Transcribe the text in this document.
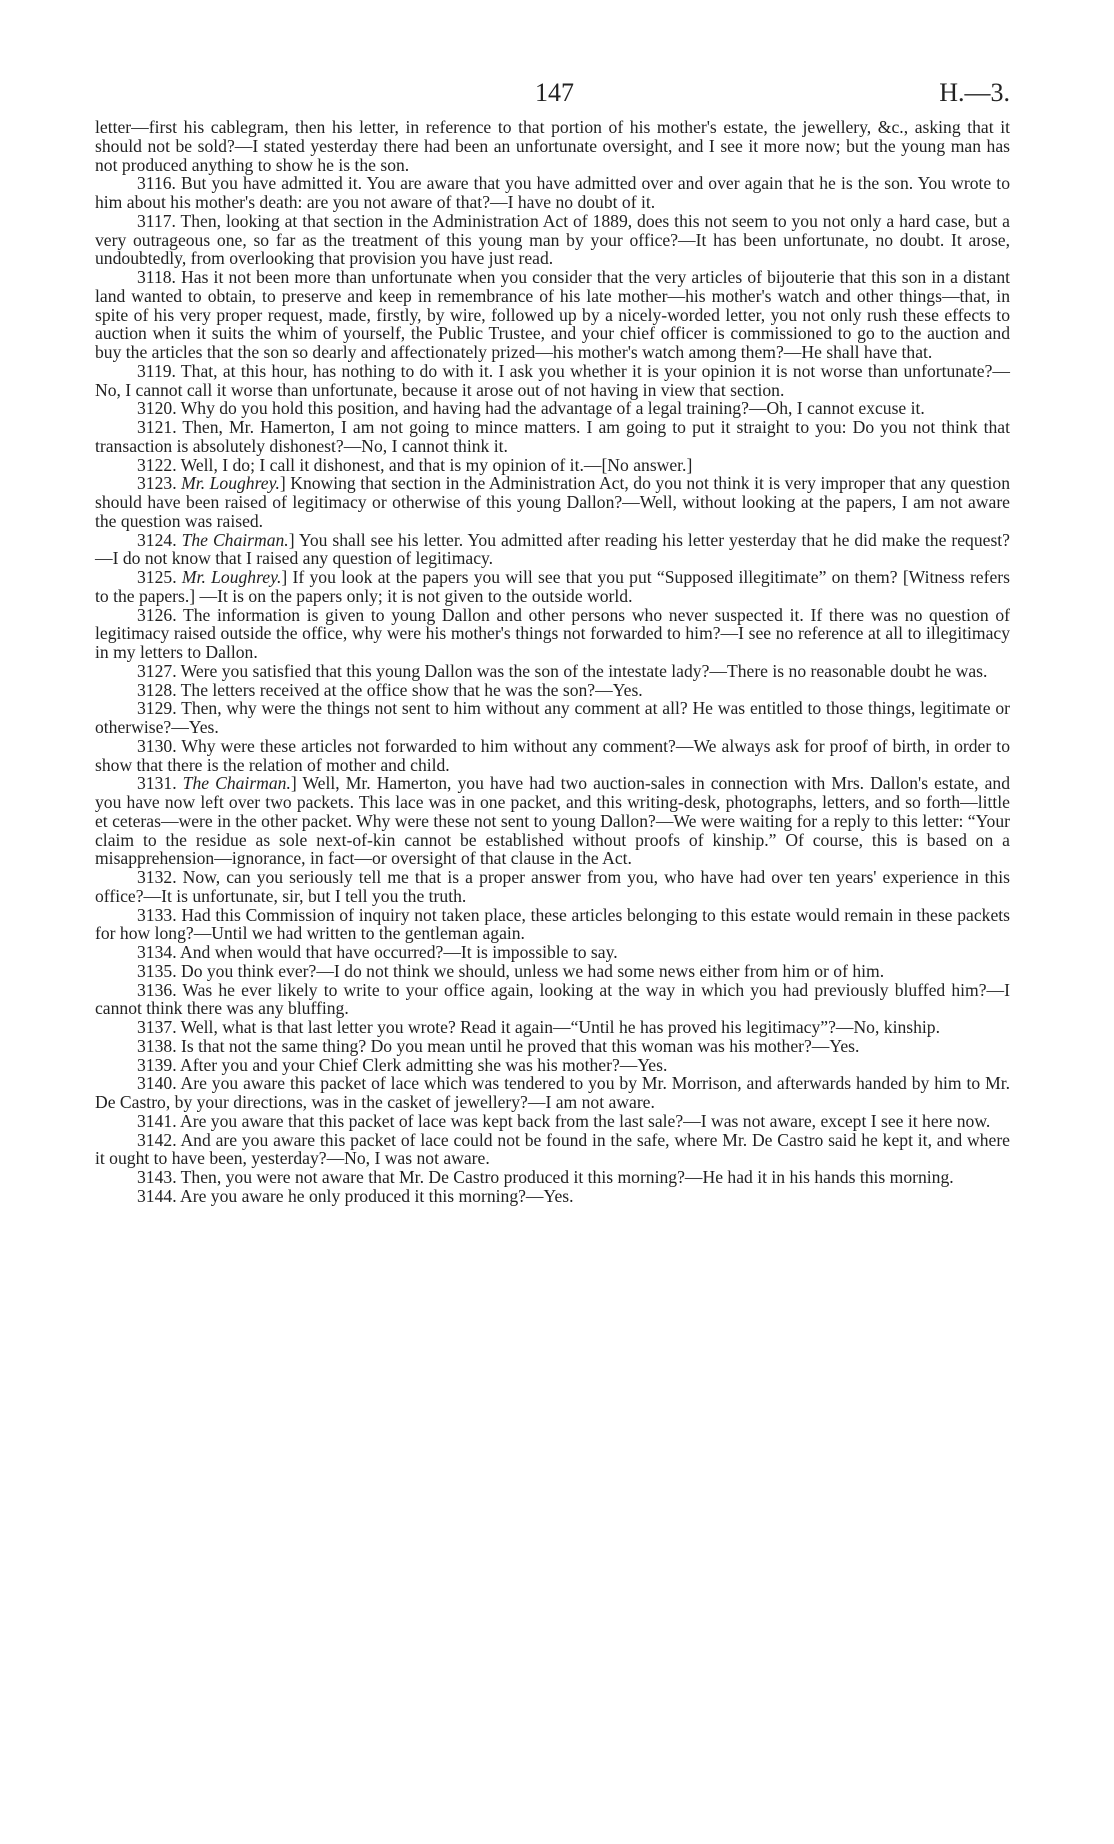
147	H.—3.

letter—first his cablegram, then his letter, in reference to that portion of his mother's estate, the jewellery, &c., asking that it should not be sold?—I stated yesterday there had been an unfortunate oversight, and I see it more now; but the young man has not produced anything to show he is the son.

3116. But you have admitted it. You are aware that you have admitted over and over again that he is the son. You wrote to him about his mother's death: are you not aware of that?—I have no doubt of it.

3117. Then, looking at that section in the Administration Act of 1889, does this not seem to you not only a hard case, but a very outrageous one, so far as the treatment of this young man by your office?—It has been unfortunate, no doubt. It arose, undoubtedly, from overlooking that provision you have just read.

3118. Has it not been more than unfortunate when you consider that the very articles of bijouterie that this son in a distant land wanted to obtain, to preserve and keep in remembrance of his late mother—his mother's watch and other things—that, in spite of his very proper request, made, firstly, by wire, followed up by a nicely-worded letter, you not only rush these effects to auction when it suits the whim of yourself, the Public Trustee, and your chief officer is commissioned to go to the auction and buy the articles that the son so dearly and affectionately prized—his mother's watch among them?—He shall have that.

3119. That, at this hour, has nothing to do with it. I ask you whether it is your opinion it is not worse than unfortunate?—No, I cannot call it worse than unfortunate, because it arose out of not having in view that section.

3120. Why do you hold this position, and having had the advantage of a legal training?—Oh, I cannot excuse it.

3121. Then, Mr. Hamerton, I am not going to mince matters. I am going to put it straight to you: Do you not think that transaction is absolutely dishonest?—No, I cannot think it.

3122. Well, I do; I call it dishonest, and that is my opinion of it.—[No answer.]

3123. Mr. Loughrey.] Knowing that section in the Administration Act, do you not think it is very improper that any question should have been raised of legitimacy or otherwise of this young Dallon?—Well, without looking at the papers, I am not aware the question was raised.

3124. The Chairman.] You shall see his letter. You admitted after reading his letter yesterday that he did make the request?—I do not know that I raised any question of legitimacy.

3125. Mr. Loughrey.] If you look at the papers you will see that you put “Supposed illegitimate” on them? [Witness refers to the papers.] —It is on the papers only; it is not given to the outside world.

3126. The information is given to young Dallon and other persons who never suspected it. If there was no question of legitimacy raised outside the office, why were his mother's things not forwarded to him?—I see no reference at all to illegitimacy in my letters to Dallon.

3127. Were you satisfied that this young Dallon was the son of the intestate lady?—There is no reasonable doubt he was.

3128. The letters received at the office show that he was the son?—Yes.

3129. Then, why were the things not sent to him without any comment at all? He was entitled to those things, legitimate or otherwise?—Yes.

3130. Why were these articles not forwarded to him without any comment?—We always ask for proof of birth, in order to show that there is the relation of mother and child.

3131. The Chairman.] Well, Mr. Hamerton, you have had two auction-sales in connection with Mrs. Dallon's estate, and you have now left over two packets. This lace was in one packet, and this writing-desk, photographs, letters, and so forth—little et ceteras—were in the other packet. Why were these not sent to young Dallon?—We were waiting for a reply to this letter: “Your claim to the residue as sole next-of-kin cannot be established without proofs of kinship.” Of course, this is based on a misapprehension—ignorance, in fact—or oversight of that clause in the Act.

3132. Now, can you seriously tell me that is a proper answer from you, who have had over ten years' experience in this office?—It is unfortunate, sir, but I tell you the truth.

3133. Had this Commission of inquiry not taken place, these articles belonging to this estate would remain in these packets for how long?—Until we had written to the gentleman again.

3134. And when would that have occurred?—It is impossible to say.

3135. Do you think ever?—I do not think we should, unless we had some news either from him or of him.

3136. Was he ever likely to write to your office again, looking at the way in which you had previously bluffed him?—I cannot think there was any bluffing.

3137. Well, what is that last letter you wrote? Read it again—“Until he has proved his legitimacy”?—No, kinship.

3138. Is that not the same thing? Do you mean until he proved that this woman was his mother?—Yes.

3139. After you and your Chief Clerk admitting she was his mother?—Yes.

3140. Are you aware this packet of lace which was tendered to you by Mr. Morrison, and afterwards handed by him to Mr. De Castro, by your directions, was in the casket of jewellery?—I am not aware.

3141. Are you aware that this packet of lace was kept back from the last sale?—I was not aware, except I see it here now.

3142. And are you aware this packet of lace could not be found in the safe, where Mr. De Castro said he kept it, and where it ought to have been, yesterday?—No, I was not aware.

3143. Then, you were not aware that Mr. De Castro produced it this morning?—He had it in his hands this morning.

3144. Are you aware he only produced it this morning?—Yes.
